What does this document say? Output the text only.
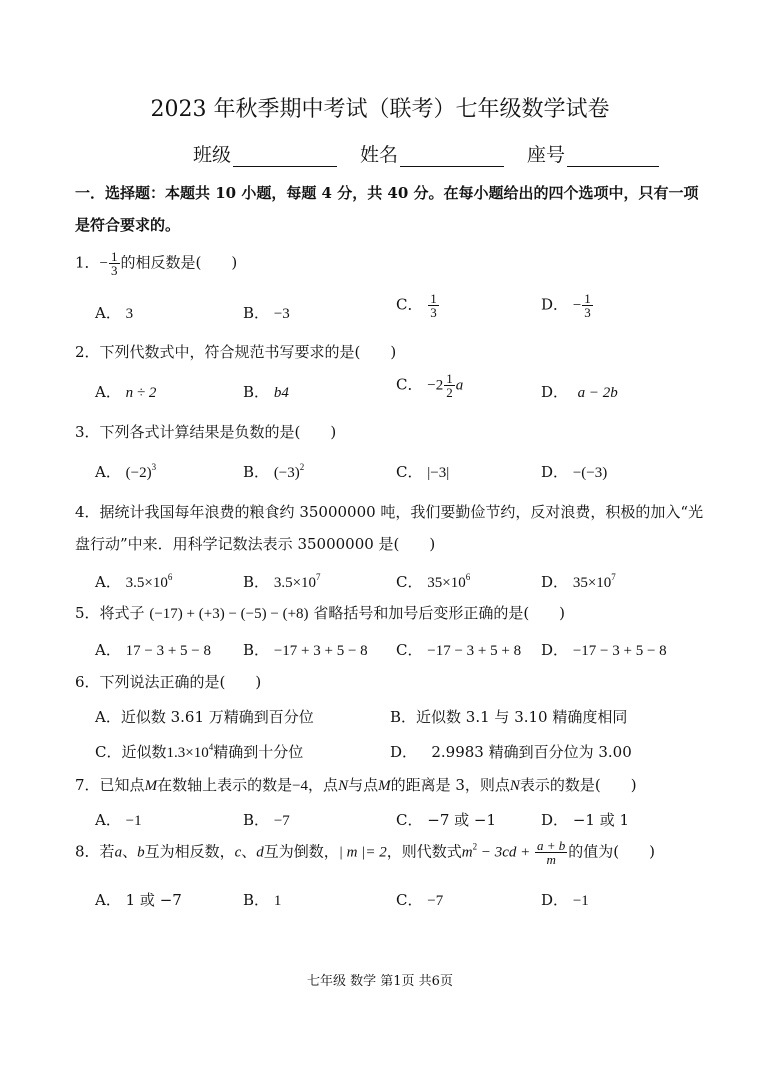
2023 年秋季期中考试（联考）七年级数学试卷
班级	姓名	座号
一．选择题：本题共 10 小题，每题 4 分，共 40 分。在每小题给出的四个选项中，只有一项
是符合要求的。
1．− $\frac{1}{3}$ 的相反数是(　　)
A． 3	B． −3
C． $\frac{1}{3}$	D． − $\frac{1}{3}$
2．下列代数式中，符合规范书写要求的是(　　)
A． n ÷ 2	B． b4	C． $-2 \frac{1}{2}$ a	D． a − 2b
3．下列各式计算结果是负数的是(　　)
A． $(-2)^3$	B． $(-3)^2$	C． |−3|	D． −(−3)
4．据统计我国每年浪费的粮食约 35000000 吨，我们要勤俭节约，反对浪费，积极的加入“光
盘行动”中来．用科学记数法表示 35000000 是(　　)
A． $3.5\times 10^6$	B． $3.5\times 10^7$	C． $35\times 10^6$	D． $35\times 10^7$
5．将式子 (−17) + (+3) − (−5) − (+8) 省略括号和加号后变形正确的是(　　)
A． 17 − 3 + 5 − 8 B． −17 + 3 + 5 − 8 C． −17 − 3 + 5 + 8 D． −17 − 3 + 5 − 8
6．下列说法正确的是(　　)
A．近似数 3.61 万精确到百分位	B．近似数 3.1 与 3.10 精确度相同
C．近似数$1.3\times 10^4$精确到十分位	D． 2.9983 精确到百分位为 3.00
7．已知点M在数轴上表示的数是−4，点N与点M的距离是 3，则点N表示的数是(　　)
A． −1	B． −7	C． −7 或 −1	D． −1 或 1
8．若a、b互为相反数，c、d互为倒数，| m |= 2，则代数式$m^2 - 3cd + \frac{a + b}{m}$ 的值为(　　)
A． 1 或 −7	B． 1	C． −7	D． −1
七年级 数学 第1页 共6页
